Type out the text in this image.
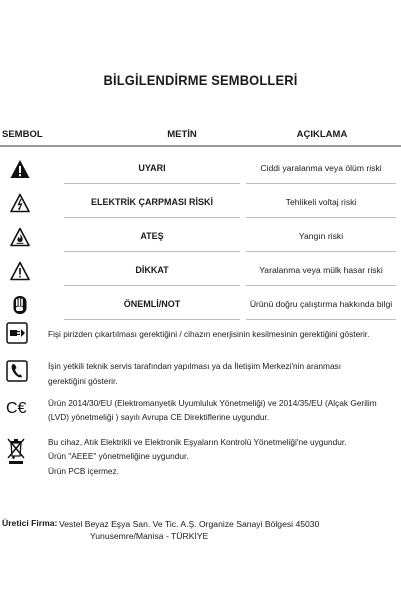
BİLGİLENDİRME SEMBOLLERİ
SEMBOL	METİN	AÇIKLAMA
UYARI	Ciddi yaralanma veya ölüm riski
ELEKTRİK ÇARPMASI RİSKİ	Tehlikeli voltaj riski
ATEŞ	Yangın riski
DİKKAT	Yaralanma veya mülk hasar riski
ÖNEMLİ/NOT	Ürünü doğru çalıştırma hakkında bilgi
Fişi pirizden çıkartılması gerektiğini / cihazın enerjisinin kesilmesinin gerektiğini gösterir.
İşin yetkili teknik servis tarafından yapılması ya da İletişim Merkezi'nin aranması
gerektiğini gösterir.
C​€	Ürün 2014/30/EU (Elektromanyetik Uyumluluk Yönetmeliği) ve 2014/35/EU (Alçak Gerilim
(LVD) yönetmeliği ) sayılı Avrupa CE Direktiflerine uygundur.
Bu cihaz, Atık Elektrikli ve Elektronik Eşyaların Kontrolü Yönetmeliği'ne uygundur.
Ürün "AEEE" yönetmeliğine uygundur.
Ürün PCB içermez.
Üretici Firma: Vestel Beyaz Eşya San. Ve Tic. A.Ş. Organize Sanayi Bölgesi 45030
Yunusemre/Manisa - TÜRKİYE
